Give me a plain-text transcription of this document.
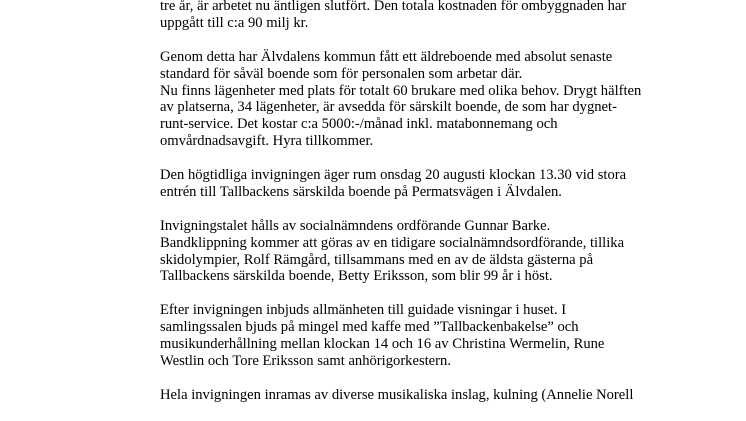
tre år, är arbetet nu äntligen slutfört. Den totala kostnaden för ombyggnaden har
uppgått till c:a 90 milj kr.

Genom detta har Älvdalens kommun fått ett äldreboende med absolut senaste
standard för såväl boende som för personalen som arbetar där.
Nu finns lägenheter med plats för totalt 60 brukare med olika behov. Drygt hälften
av platserna, 34 lägenheter, är avsedda för särskilt boende, de som har dygnet-
runt-service. Det kostar c:a 5000:-/månad inkl. matabonnemang och
omvårdnadsavgift. Hyra tillkommer.

Den högtidliga invigningen äger rum onsdag 20 augusti klockan 13.30 vid stora
entrén till Tallbackens särskilda boende på Permatsvägen i Älvdalen.

Invigningstalet hålls av socialnämndens ordförande Gunnar Barke.
Bandklippning kommer att göras av en tidigare socialnämndsordförande, tillika
skidolympier, Rolf Rämgård, tillsammans med en av de äldsta gästerna på
Tallbackens särskilda boende, Betty Eriksson, som blir 99 år i höst.

Efter invigningen inbjuds allmänheten till guidade visningar i huset. I
samlingssalen bjuds på mingel med kaffe med ”Tallbackenbakelse” och
musikunderhållning mellan klockan 14 och 16 av Christina Wermelin, Rune
Westlin och Tore Eriksson samt anhörigorkestern.

Hela invigningen inramas av diverse musikaliska inslag, kulning (Annelie Norell
